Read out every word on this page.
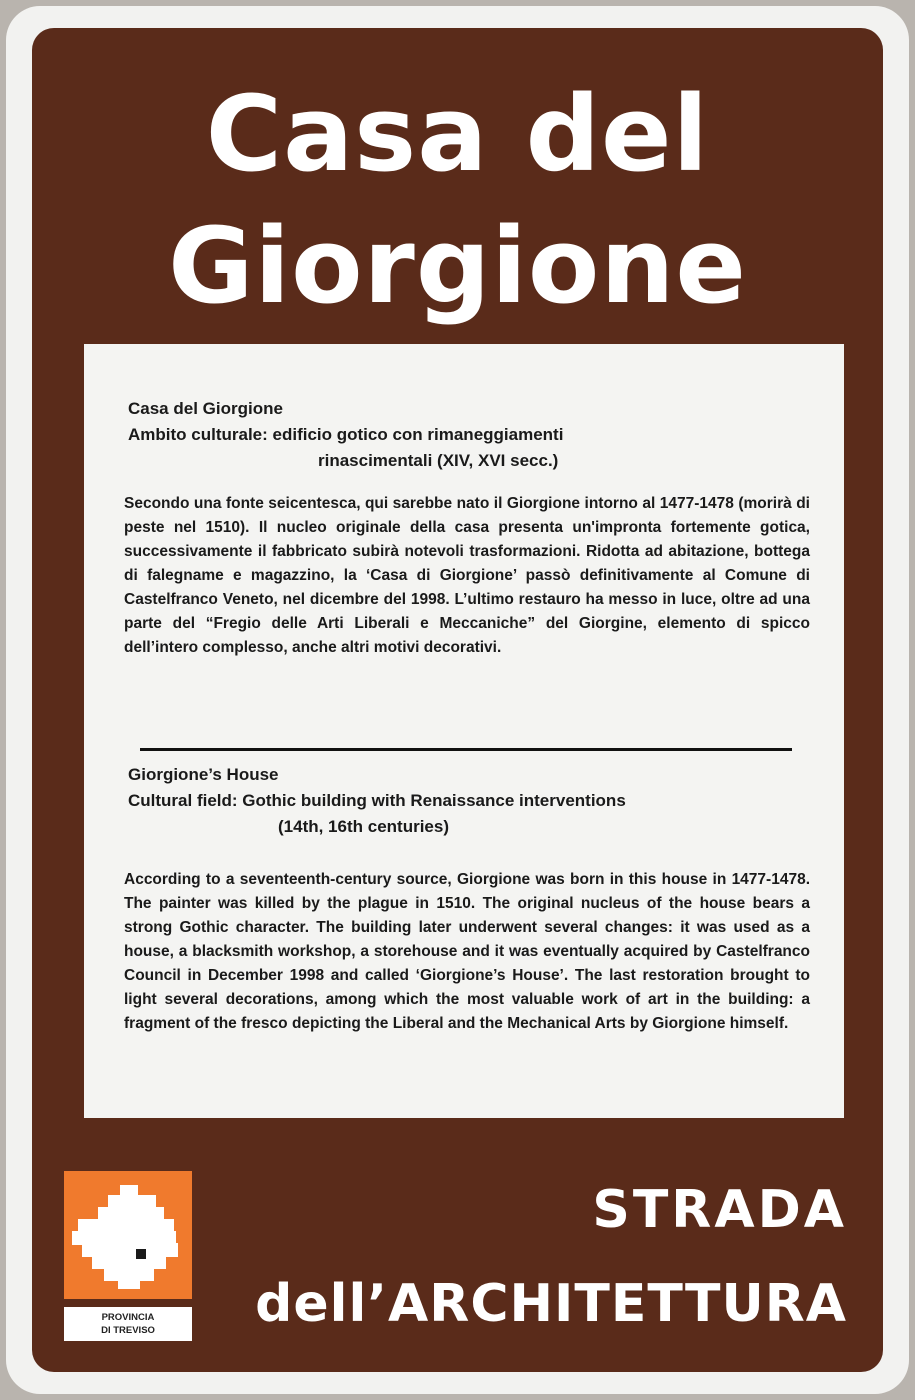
Casa del
Giorgione
Casa del Giorgione
Ambito culturale: edificio gotico con rimaneggiamenti
rinascimentali (XIV, XVI secc.)
Secondo una fonte seicentesca, qui sarebbe nato il Giorgione intorno al 1477-1478 (morirà di peste nel 1510). Il nucleo originale della casa presenta un'impronta fortemente gotica, successivamente il fabbricato subirà notevoli trasformazioni. Ridotta ad abitazione, bottega di falegname e magazzino, la ‘Casa di Giorgione’ passò definitivamente al Comune di Castelfranco Veneto, nel dicembre del 1998. L’ultimo restauro ha messo in luce, oltre ad una parte del “Fregio delle Arti Liberali e Meccaniche” del Giorgine, elemento di spicco dell’intero complesso, anche altri motivi decorativi.
Giorgione’s House
Cultural field: Gothic building with Renaissance interventions
(14th, 16th centuries)
According to a seventeenth-century source, Giorgione was born in this house in 1477-1478. The painter was killed by the plague in 1510. The original nucleus of the house bears a strong Gothic character. The building later underwent several changes: it was used as a house, a blacksmith workshop, a storehouse and it was eventually acquired by Castelfranco Council in December 1998 and called ‘Giorgione’s House’. The last restoration brought to light several decorations, among which the most valuable work of art in the building: a fragment of the fresco depicting the Liberal and the Mechanical Arts by Giorgione himself.
PROVINCIA
DI TREVISO
STRADA
dell’ARCHITETTURA
